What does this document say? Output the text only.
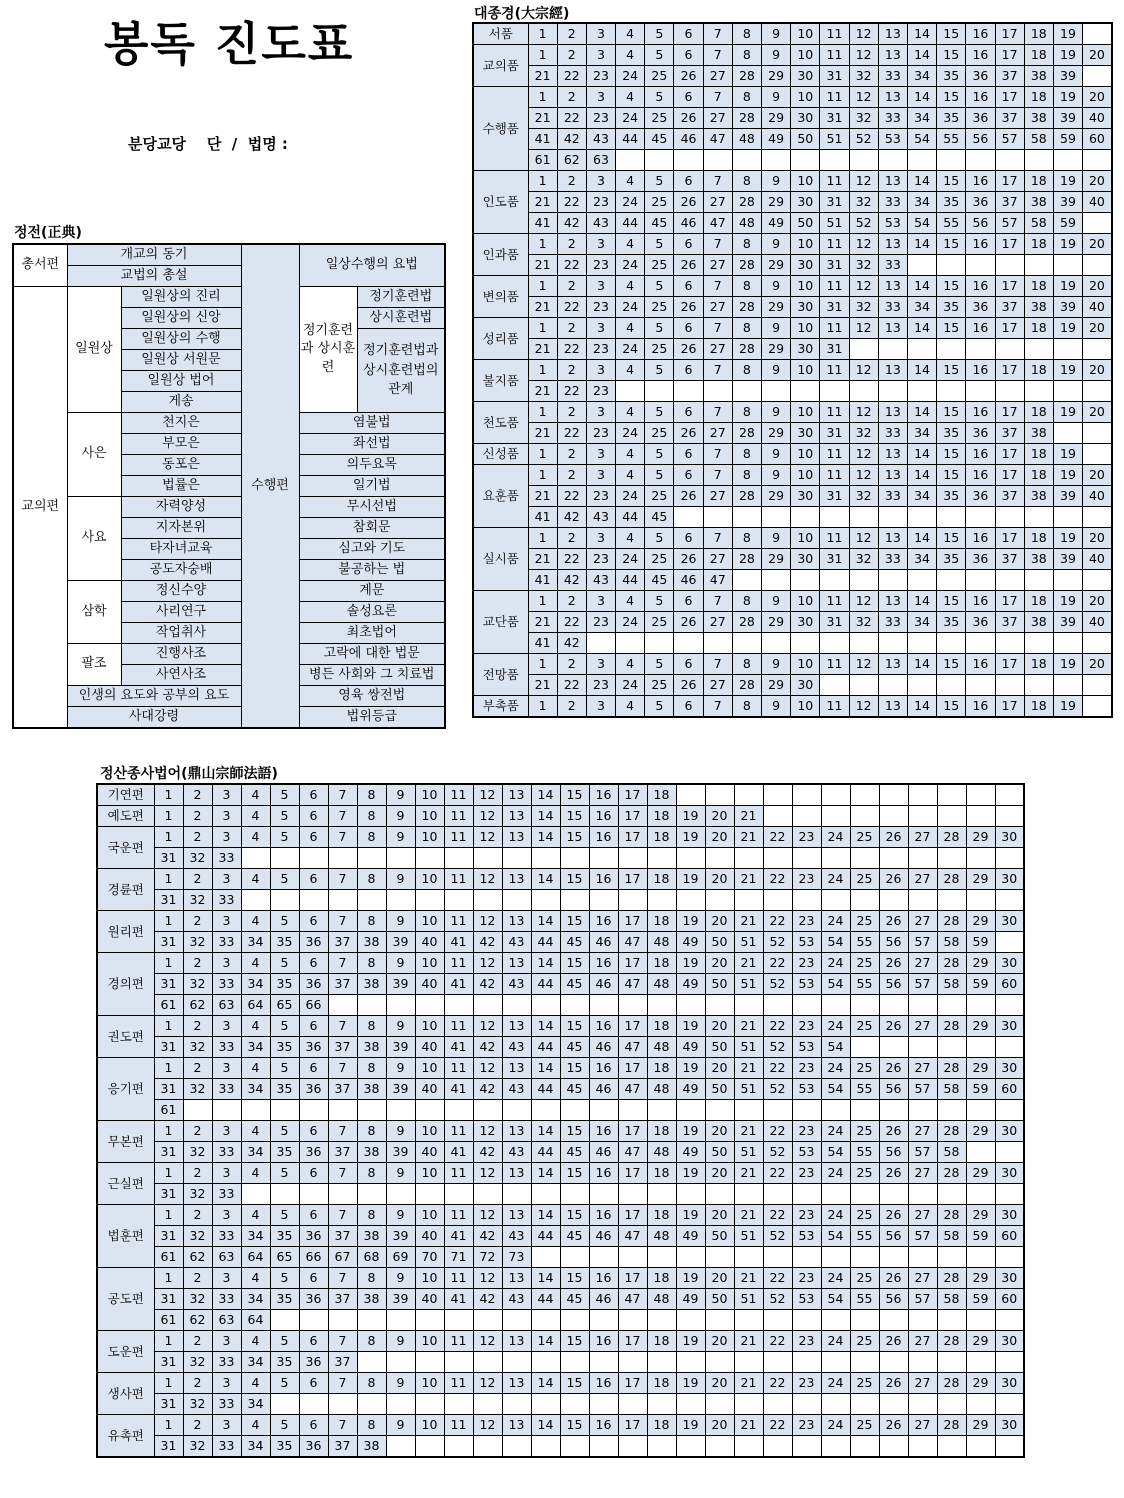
봉독 진도표
분당교당    단  /  법명 :
정전(正典)
대종경(大宗經)
정산종사법어(鼎山宗師法語)
총서편	개교의 동기		수행편	일상수행의 요법	
	교법의 총설				
교의편	일원상	일원상의 진리		정기훈련 과 상시훈련	정기훈련법
		일원상의 신앙			상시훈련법
		일원상의 수행			정기훈련법과 상시훈련법의 관계
		일원상 서원문			
		일원상 법어			
		게송			
	사은	천지은		염불법	
		부모은		좌선법	
		동포은		의두요목	
		법률은		일기법	
	사요	자력양성		무시선법	
		지자본위		참회문	
		타자녀교육		심고와 기도	
		공도자숭배		불공하는 법	
	삼학	정신수양		계문	
		사리연구		솔성요론	
		작업취사		최초법어	
	팔조	진행사조		고락에 대한 법문	
		사연사조		병든 사회와 그 치료법	
	인생의 요도와 공부의 요도			영육 쌍전법	
	사대강령			법위등급	
서품	1	2	3	4	5	6	7	8	9	10	11	12	13	14	15	16	17	18	19	
교의품	1	2	3	4	5	6	7	8	9	10	11	12	13	14	15	16	17	18	19	20
	21	22	23	24	25	26	27	28	29	30	31	32	33	34	35	36	37	38	39	
수행품	1	2	3	4	5	6	7	8	9	10	11	12	13	14	15	16	17	18	19	20
	21	22	23	24	25	26	27	28	29	30	31	32	33	34	35	36	37	38	39	40
	41	42	43	44	45	46	47	48	49	50	51	52	53	54	55	56	57	58	59	60
	61	62	63																	
인도품	1	2	3	4	5	6	7	8	9	10	11	12	13	14	15	16	17	18	19	20
	21	22	23	24	25	26	27	28	29	30	31	32	33	34	35	36	37	38	39	40
	41	42	43	44	45	46	47	48	49	50	51	52	53	54	55	56	57	58	59	
인과품	1	2	3	4	5	6	7	8	9	10	11	12	13	14	15	16	17	18	19	20
	21	22	23	24	25	26	27	28	29	30	31	32	33							
변의품	1	2	3	4	5	6	7	8	9	10	11	12	13	14	15	16	17	18	19	20
	21	22	23	24	25	26	27	28	29	30	31	32	33	34	35	36	37	38	39	40
성리품	1	2	3	4	5	6	7	8	9	10	11	12	13	14	15	16	17	18	19	20
	21	22	23	24	25	26	27	28	29	30	31									
불지품	1	2	3	4	5	6	7	8	9	10	11	12	13	14	15	16	17	18	19	20
	21	22	23																	
천도품	1	2	3	4	5	6	7	8	9	10	11	12	13	14	15	16	17	18	19	20
	21	22	23	24	25	26	27	28	29	30	31	32	33	34	35	36	37	38		
신성품	1	2	3	4	5	6	7	8	9	10	11	12	13	14	15	16	17	18	19	
요훈품	1	2	3	4	5	6	7	8	9	10	11	12	13	14	15	16	17	18	19	20
	21	22	23	24	25	26	27	28	29	30	31	32	33	34	35	36	37	38	39	40
	41	42	43	44	45															
실시품	1	2	3	4	5	6	7	8	9	10	11	12	13	14	15	16	17	18	19	20
	21	22	23	24	25	26	27	28	29	30	31	32	33	34	35	36	37	38	39	40
	41	42	43	44	45	46	47													
교단품	1	2	3	4	5	6	7	8	9	10	11	12	13	14	15	16	17	18	19	20
	21	22	23	24	25	26	27	28	29	30	31	32	33	34	35	36	37	38	39	40
	41	42																		
전망품	1	2	3	4	5	6	7	8	9	10	11	12	13	14	15	16	17	18	19	20
	21	22	23	24	25	26	27	28	29	30										
부촉품	1	2	3	4	5	6	7	8	9	10	11	12	13	14	15	16	17	18	19	
기연편	1	2	3	4	5	6	7	8	9	10	11	12	13	14	15	16	17	18												
예도편	1	2	3	4	5	6	7	8	9	10	11	12	13	14	15	16	17	18	19	20	21									
국운편	1	2	3	4	5	6	7	8	9	10	11	12	13	14	15	16	17	18	19	20	21	22	23	24	25	26	27	28	29	30
	31	32	33																											
경륜편	1	2	3	4	5	6	7	8	9	10	11	12	13	14	15	16	17	18	19	20	21	22	23	24	25	26	27	28	29	30
	31	32	33																											
원리편	1	2	3	4	5	6	7	8	9	10	11	12	13	14	15	16	17	18	19	20	21	22	23	24	25	26	27	28	29	30
	31	32	33	34	35	36	37	38	39	40	41	42	43	44	45	46	47	48	49	50	51	52	53	54	55	56	57	58	59	
경의편	1	2	3	4	5	6	7	8	9	10	11	12	13	14	15	16	17	18	19	20	21	22	23	24	25	26	27	28	29	30
	31	32	33	34	35	36	37	38	39	40	41	42	43	44	45	46	47	48	49	50	51	52	53	54	55	56	57	58	59	60
	61	62	63	64	65	66																								
권도편	1	2	3	4	5	6	7	8	9	10	11	12	13	14	15	16	17	18	19	20	21	22	23	24	25	26	27	28	29	30
	31	32	33	34	35	36	37	38	39	40	41	42	43	44	45	46	47	48	49	50	51	52	53	54						
응기편	1	2	3	4	5	6	7	8	9	10	11	12	13	14	15	16	17	18	19	20	21	22	23	24	25	26	27	28	29	30
	31	32	33	34	35	36	37	38	39	40	41	42	43	44	45	46	47	48	49	50	51	52	53	54	55	56	57	58	59	60
	61																													
무본편	1	2	3	4	5	6	7	8	9	10	11	12	13	14	15	16	17	18	19	20	21	22	23	24	25	26	27	28	29	30
	31	32	33	34	35	36	37	38	39	40	41	42	43	44	45	46	47	48	49	50	51	52	53	54	55	56	57	58		
근실편	1	2	3	4	5	6	7	8	9	10	11	12	13	14	15	16	17	18	19	20	21	22	23	24	25	26	27	28	29	30
	31	32	33																											
법훈편	1	2	3	4	5	6	7	8	9	10	11	12	13	14	15	16	17	18	19	20	21	22	23	24	25	26	27	28	29	30
	31	32	33	34	35	36	37	38	39	40	41	42	43	44	45	46	47	48	49	50	51	52	53	54	55	56	57	58	59	60
	61	62	63	64	65	66	67	68	69	70	71	72	73																	
공도편	1	2	3	4	5	6	7	8	9	10	11	12	13	14	15	16	17	18	19	20	21	22	23	24	25	26	27	28	29	30
	31	32	33	34	35	36	37	38	39	40	41	42	43	44	45	46	47	48	49	50	51	52	53	54	55	56	57	58	59	60
	61	62	63	64																										
도운편	1	2	3	4	5	6	7	8	9	10	11	12	13	14	15	16	17	18	19	20	21	22	23	24	25	26	27	28	29	30
	31	32	33	34	35	36	37																							
생사편	1	2	3	4	5	6	7	8	9	10	11	12	13	14	15	16	17	18	19	20	21	22	23	24	25	26	27	28	29	30
	31	32	33	34																										
유촉편	1	2	3	4	5	6	7	8	9	10	11	12	13	14	15	16	17	18	19	20	21	22	23	24	25	26	27	28	29	30
	31	32	33	34	35	36	37	38																						
